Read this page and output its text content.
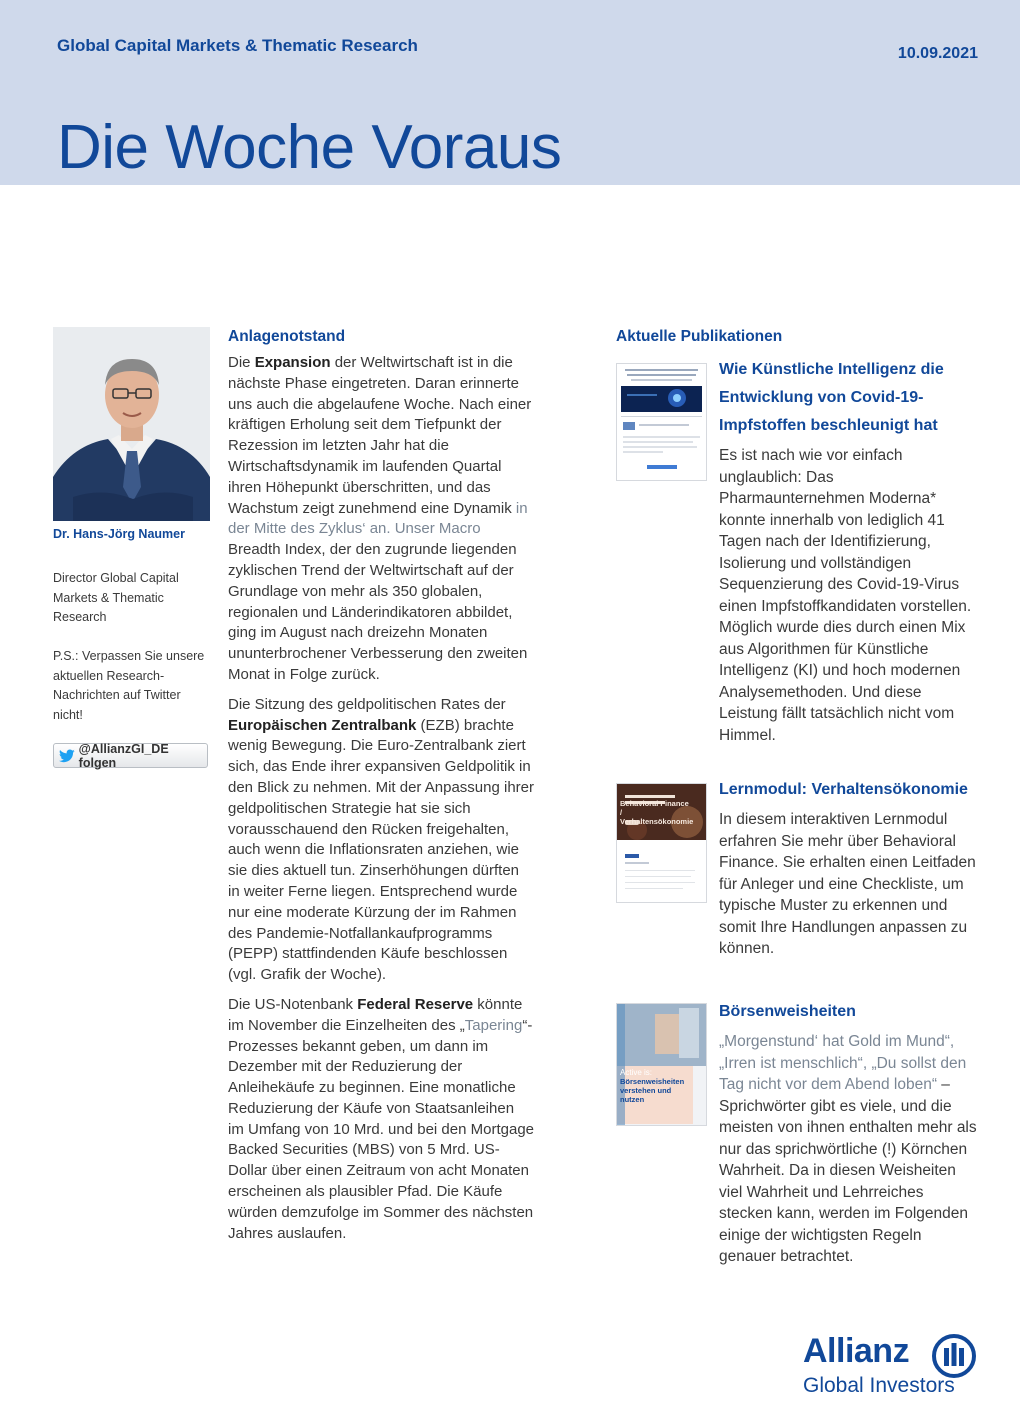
Global Capital Markets & Thematic Research	10.09.2021
Die Woche Voraus
Dr. Hans-Jörg Naumer
Director Global Capital Markets & Thematic Research
P.S.: Verpassen Sie unsere aktuellen Research-Nachrichten auf Twitter nicht!
@AllianzGI_DE folgen
Anlagenotstand

Die Expansion der Weltwirtschaft ist in die nächste Phase eingetreten. Daran erinnerte uns auch die abgelaufene Woche. Nach einer kräftigen Erholung seit dem Tiefpunkt der Rezession im letzten Jahr hat die Wirtschaftsdynamik im laufenden Quartal ihren Höhepunkt überschritten, und das Wachstum zeigt zunehmend eine Dynamik in der Mitte des Zyklus‘ an. Unser Macro Breadth Index, der den zugrunde liegenden zyklischen Trend der Weltwirtschaft auf der Grundlage von mehr als 350 globalen, regionalen und Länderindikatoren abbildet, ging im August nach dreizehn Monaten ununterbrochener Verbesserung den zweiten Monat in Folge zurück.

Die Sitzung des geldpolitischen Rates der Europäischen Zentralbank (EZB) brachte wenig Bewegung. Die Euro-Zentralbank ziert sich, das Ende ihrer expansiven Geldpolitik in den Blick zu nehmen. Mit der Anpassung ihrer geldpolitischen Strategie hat sie sich vorausschauend den Rücken freigehalten, auch wenn die Inflationsraten anziehen, wie sie dies aktuell tun. Zinserhöhungen dürften in weiter Ferne liegen. Entsprechend wurde nur eine moderate Kürzung der im Rahmen des Pandemie-Notfallankaufprogramms (PEPP) stattfindenden Käufe beschlossen (vgl. Grafik der Woche).

Die US-Notenbank Federal Reserve könnte im November die Einzelheiten des „Tapering“-Prozesses bekannt geben, um dann im Dezember mit der Reduzierung der Anleihekäufe zu beginnen. Eine monatliche Reduzierung der Käufe von Staatsanleihen im Umfang von 10 Mrd. und bei den Mortgage Backed Securities (MBS) von 5 Mrd. US-Dollar über einen Zeitraum von acht Monaten erscheinen als plausibler Pfad. Die Käufe würden demzufolge im Sommer des nächsten Jahres auslaufen.

Aktuelle Publikationen
Wie Künstliche Intelligenz die Entwicklung von Covid-19-Impfstoffen beschleunigt hat

Es ist nach wie vor einfach unglaublich: Das Pharmaunternehmen Moderna* konnte innerhalb von lediglich 41 Tagen nach der Identifizierung, Isolierung und vollständigen Sequenzierung des Covid-19-Virus einen Impfstoffkandidaten vorstellen. Möglich wurde dies durch einen Mix aus Algorithmen für Künstliche Intelligenz (KI) und hoch modernen Analysemethoden. Und diese Leistung fällt tatsächlich nicht vom Himmel.

Lernmodul: Verhaltensökonomie

In diesem interaktiven Lernmodul erfahren Sie mehr über Behavioral Finance. Sie erhalten einen Leitfaden für Anleger und eine Checkliste, um typische Muster zu erkennen und somit Ihre Handlungen anpassen zu können.

Börsenweisheiten

„Morgenstund‘ hat Gold im Mund“, „Irren ist menschlich“, „Du sollst den Tag nicht vor dem Abend loben“ – Sprichwörter gibt es viele, und die meisten von ihnen enthalten mehr als nur das sprichwörtliche (!) Körnchen Wahrheit. Da in diesen Weisheiten viel Wahrheit und Lehrreiches stecken kann, werden im Folgenden einige der wichtigsten Regeln genauer betrachtet.

Allianz
Global Investors
Behavioral Finance / Verhaltensökonomie
Active is:
Börsenweisheiten verstehen und nutzen
